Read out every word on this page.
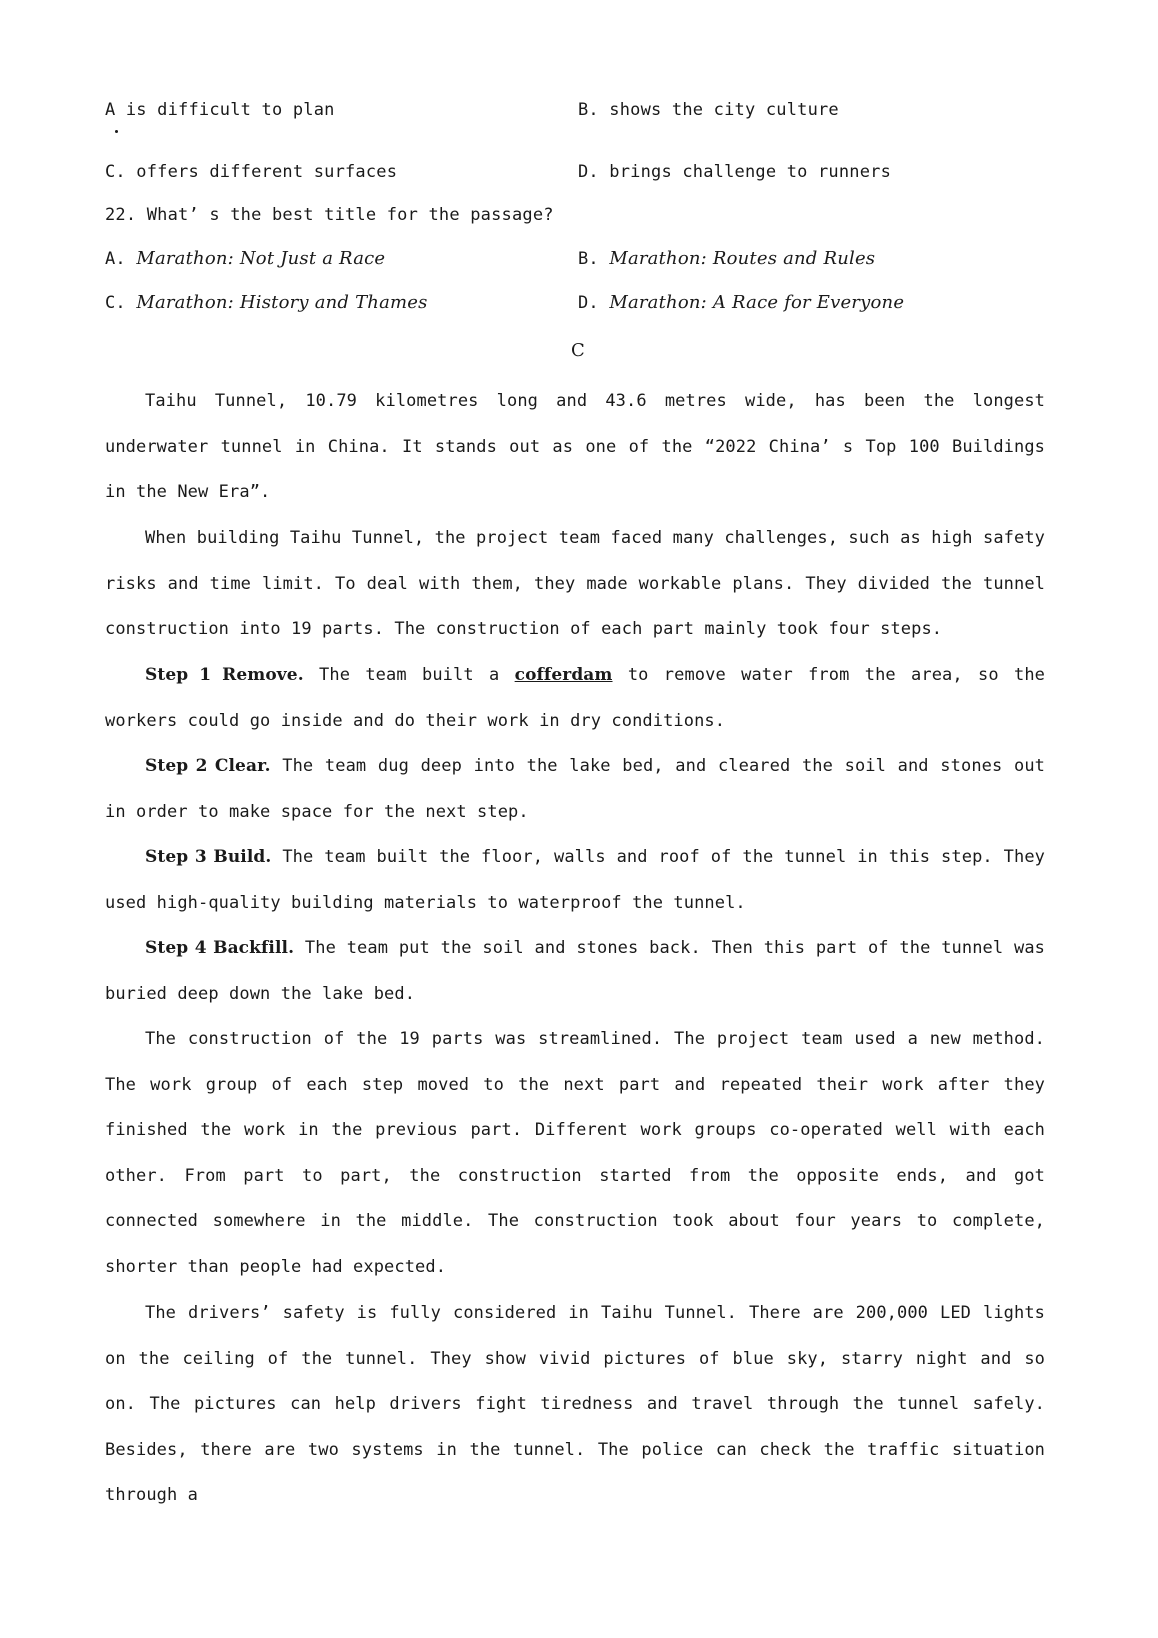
A is difficult to plan	B. shows the city culture
C. offers different surfaces	D. brings challenge to runners
22. What’ s the best title for the passage?
A. Marathon: Not Just a Race	B. Marathon: Routes and Rules
C. Marathon: History and Thames	D. Marathon: A Race for Everyone
C
Taihu Tunnel, 10.79 kilometres long and 43.6 metres wide, has been the longest underwater tunnel in China. It stands out as one of the “2022 China’ s Top 100 Buildings in the New Era”.
When building Taihu Tunnel, the project team faced many challenges, such as high safety risks and time limit. To deal with them, they made workable plans. They divided the tunnel construction into 19 parts. The construction of each part mainly took four steps.
Step 1 Remove. The team built a cofferdam to remove water from the area, so the workers could go inside and do their work in dry conditions.
Step 2 Clear. The team dug deep into the lake bed, and cleared the soil and stones out in order to make space for the next step.
Step 3 Build. The team built the floor, walls and roof of the tunnel in this step. They used high-quality building materials to waterproof the tunnel.
Step 4 Backfill. The team put the soil and stones back. Then this part of the tunnel was buried deep down the lake bed.
The construction of the 19 parts was streamlined. The project team used a new method. The work group of each step moved to the next part and repeated their work after they finished the work in the previous part. Different work groups co-operated well with each other. From part to part, the construction started from the opposite ends, and got connected somewhere in the middle. The construction took about four years to complete, shorter than people had expected.
The drivers’ safety is fully considered in Taihu Tunnel. There are 200,000 LED lights on the ceiling of the tunnel. They show vivid pictures of blue sky, starry night and so on. The pictures can help drivers fight tiredness and travel through the tunnel safely. Besides, there are two systems in the tunnel. The police can check the traffic situation through a
